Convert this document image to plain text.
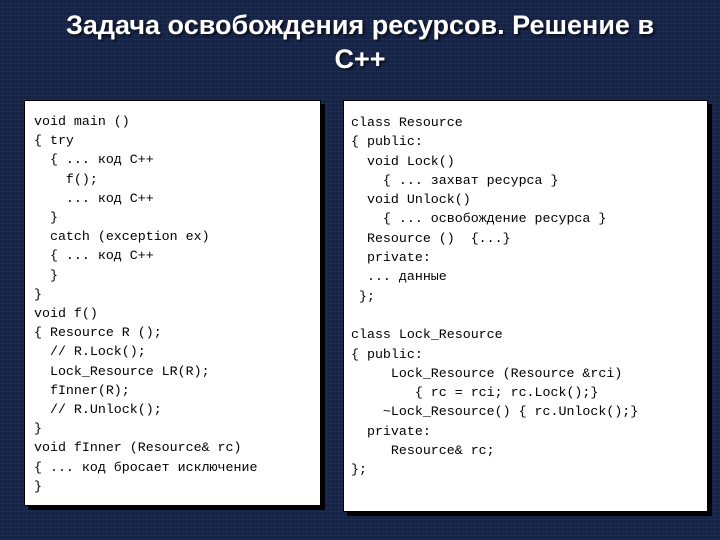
Задача освобождения ресурсов. Решение в
C++
void main ()
{ try
{ ... код C++
f();
... код C++
}
catch (exception ex)
{ ... код C++
}
}
void f()
{ Resource R ();
// R.Lock();
Lock_Resource LR(R);
fInner(R);
// R.Unlock();
}
void fInner (Resource& rc)
{ ... код бросает исключение
}
class Resource
{ public:
void Lock()
{ ... захват ресурса }
void Unlock()
{ ... освобождение ресурса }
Resource ()  {...}
private:
... данные
};
class Lock_Resource
{ public:
Lock_Resource (Resource &rci)
{ rc = rci; rc.Lock();}
~Lock_Resource() { rc.Unlock();}
private:
Resource& rc;
};
